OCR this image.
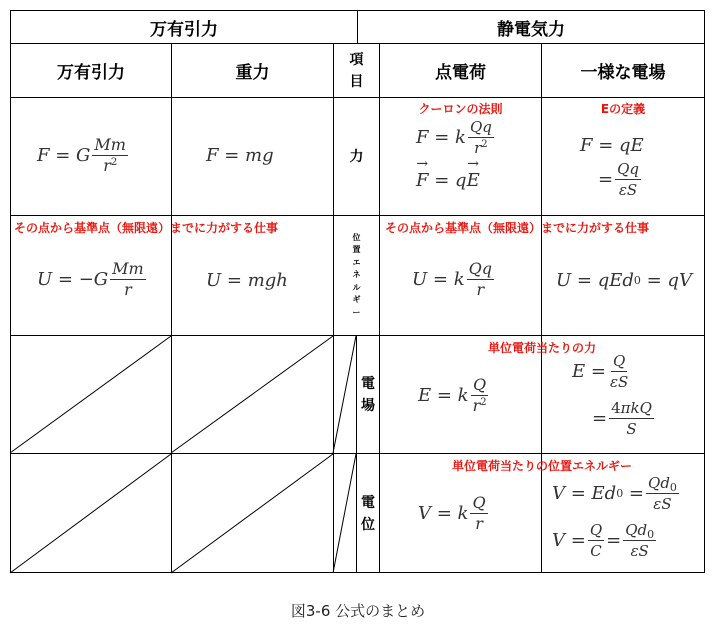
万有引力	静電気力
万有引力	重力
項
目	点電荷	一様な電場
力
クーロンの法則	Eの定義
F = G $\frac{Mm}{r^2}$	F = mg
F = k $\frac{Qq}{r^2}$
→ F = q
→ E
F = qE
= $\frac{Qq}{\varepsilon S}$
位
置
エ
ネ
ル
ギ
ー
その点から基準点（無限遠）までに力がする仕事	その点から基準点（無限遠）までに力がする仕事
U = − G $\frac{Mm}{r}$	U = mgh	U = k $\frac{Qq}{r}$	U = qEd 0 = qV
電
場
単位電荷当たりの力
E = k $\frac{Q}{r^2}$
$E = \frac{Q}{\varepsilon S}$
= $\frac{\text{4πkQ}}{S}$
電
位
単位電荷当たりの位置エネルギー
V = k $\frac{Q}{r}$
V = Ed $0 = \frac{Qd_0}{\varepsilon S}$
$V = \frac{Q}{C} = \frac{Qd_0}{\varepsilon S}$
図3-6 公式のまとめ
